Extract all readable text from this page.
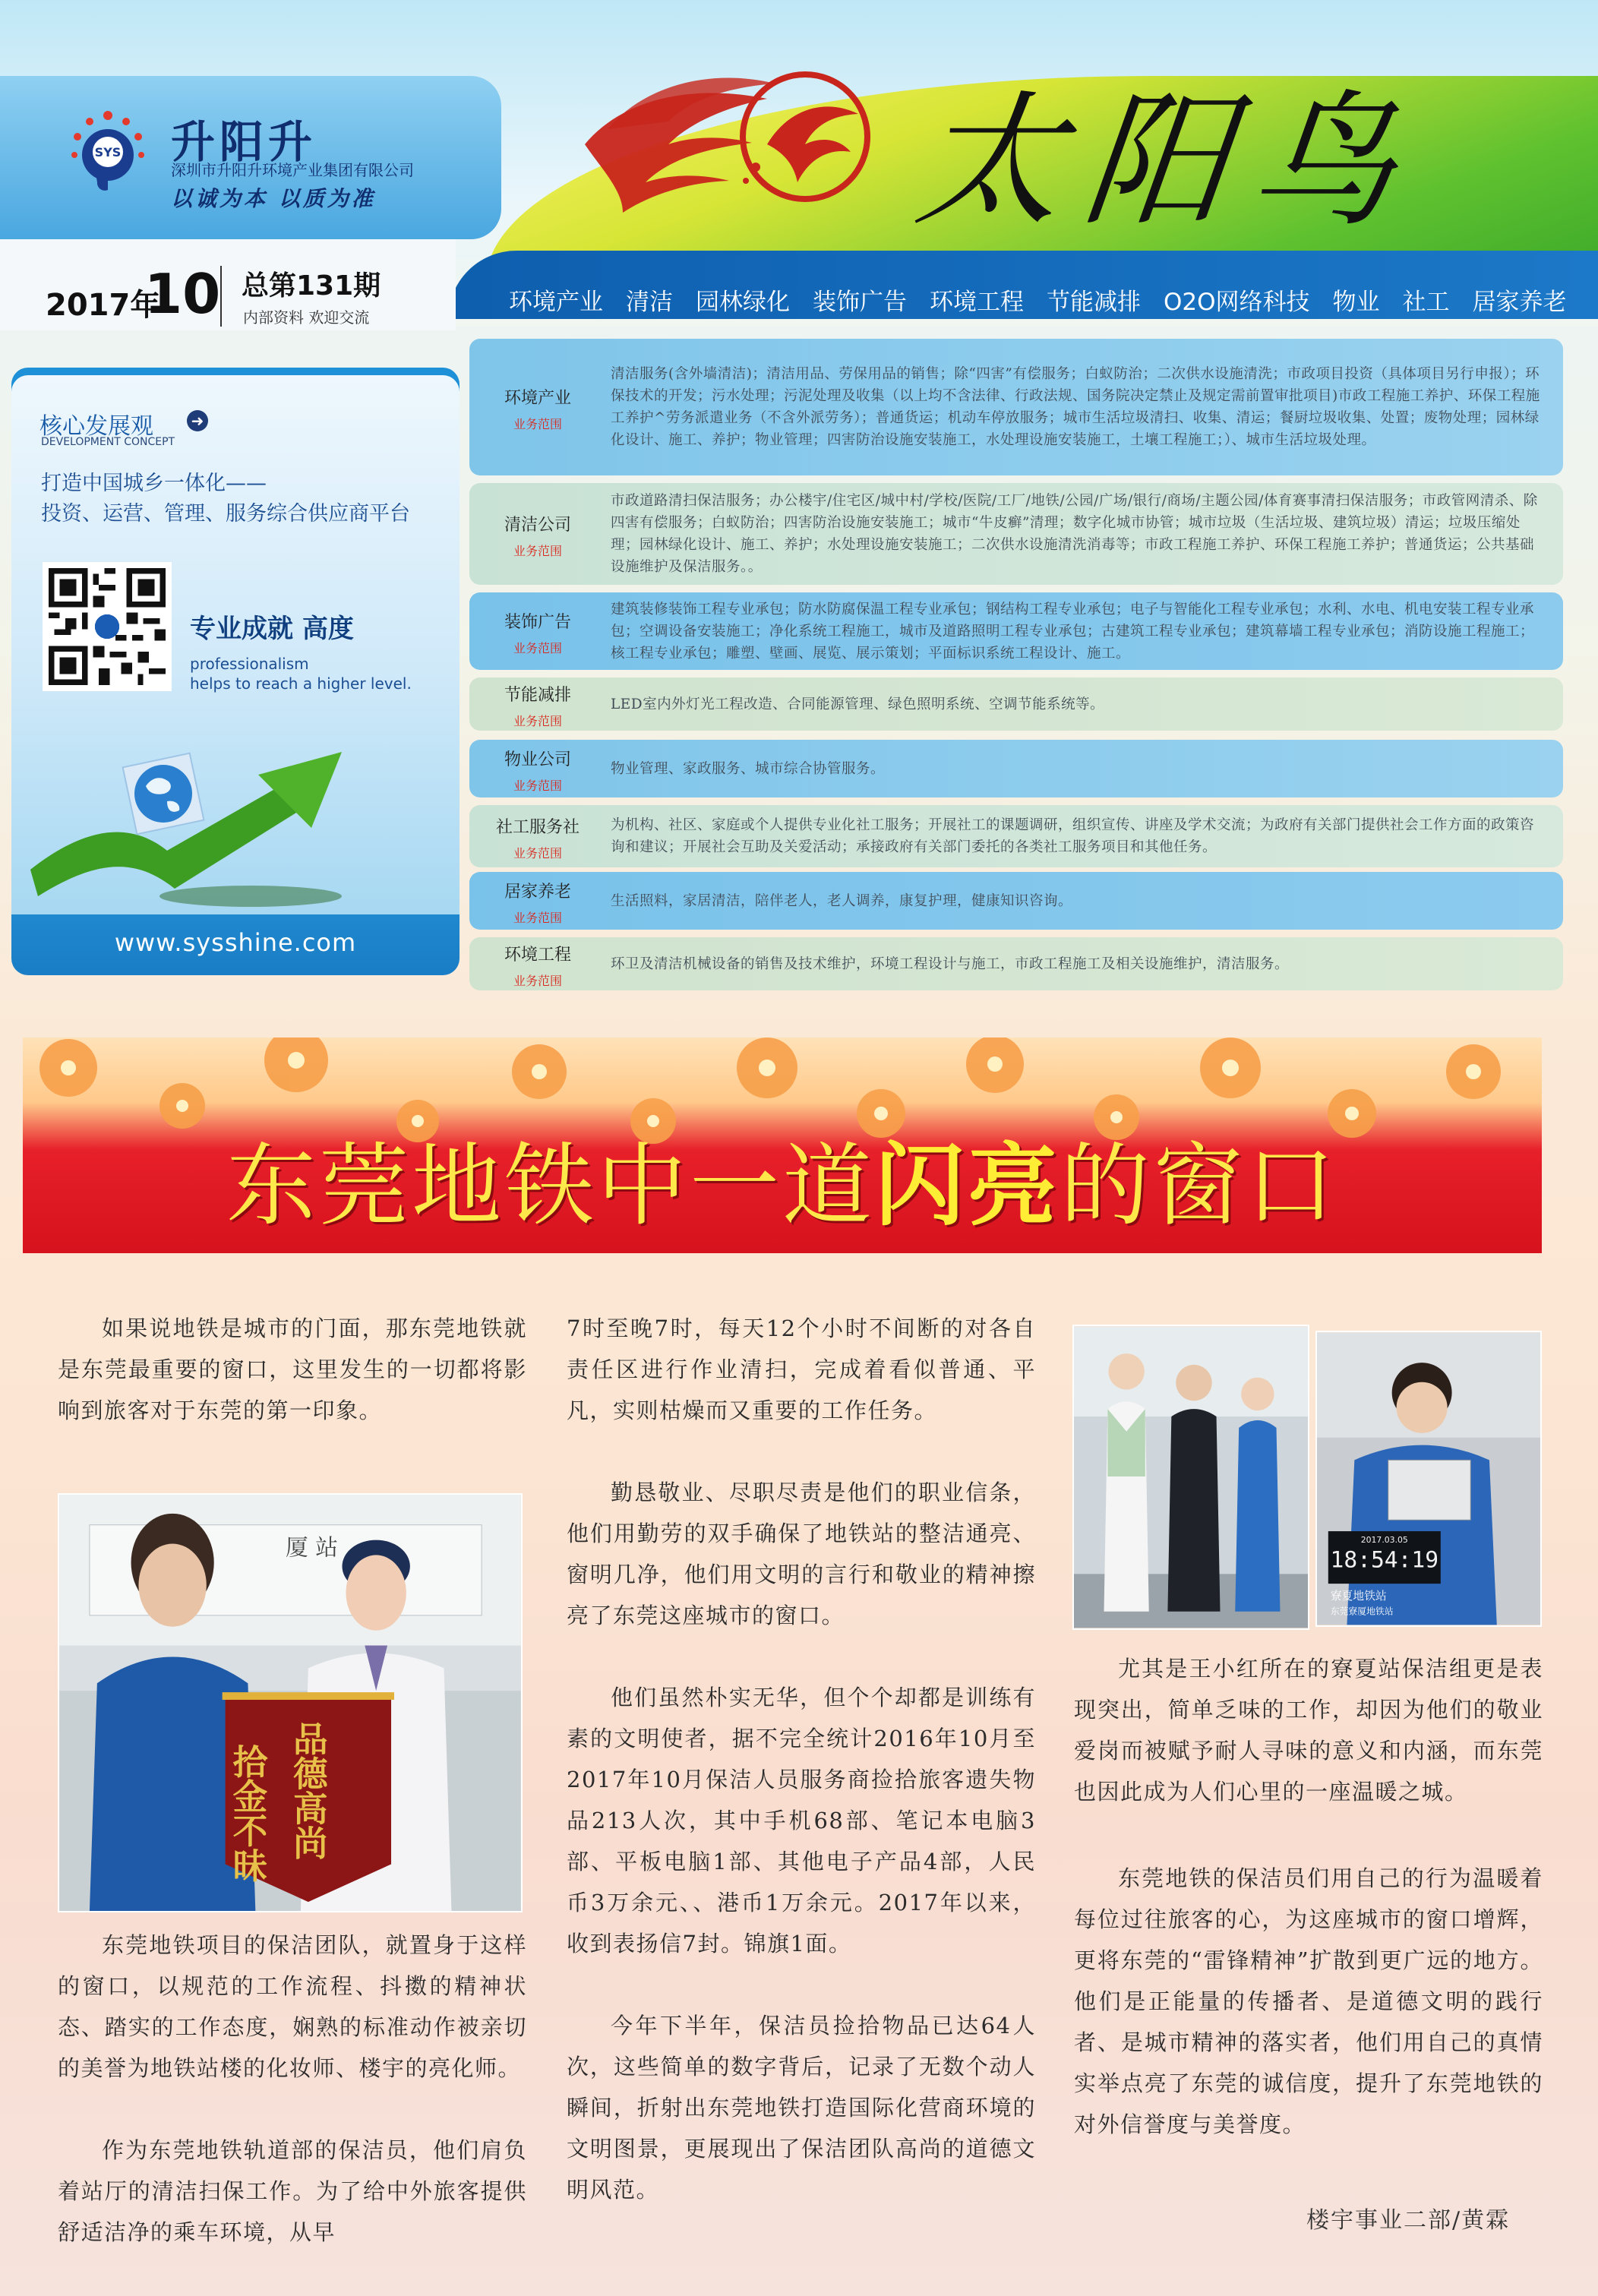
SYS 升阳升
深圳市升阳升环境产业集团有限公司
以诚为本 以质为准
2017年
10 总第131期
内部资料 欢迎交流
太阳鸟
环境产业 清洁 园林绿化 装饰广告 环境工程 节能减排 O2O网络科技 物业 社工 居家养老
核心发展观 ➜
DEVELOPMENT CONCEPT
打造中国城乡一体化——
投资、运营、管理、服务综合供应商平台
专业成就 高度
professionalism
helps to reach a higher level.
www.sysshine.com
环境产业
业务范围
清洁服务(含外墙清洁)；清洁用品、劳保用品的销售；除“四害”有偿服务；白蚁防治；二次供水设施清洗；市政项目投资（具体项目另行申报）；环保技术的开发；污水处理；污泥处理及收集（以上均不含法律、行政法规、国务院决定禁止及规定需前置审批项目)市政工程施工养护、环保工程施工养护^劳务派遣业务（不含外派劳务）；普通货运；机动车停放服务；城市生活垃圾清扫、收集、清运；餐厨垃圾收集、处置；废物处理；园林绿化设计、施工、养护；物业管理；四害防治设施安装施工，水处理设施安装施工，土壤工程施工；）、城市生活垃圾处理。
清洁公司
业务范围
市政道路清扫保洁服务；办公楼宇/住宅区/城中村/学校/医院/工厂/地铁/公园/广场/银行/商场/主题公园/体育赛事清扫保洁服务；市政管网清杀、除四害有偿服务；白蚁防治；四害防治设施安装施工；城市“牛皮癣”清理；数字化城市协管；城市垃圾（生活垃圾、建筑垃圾）清运；垃圾压缩处理；园林绿化设计、施工、养护；水处理设施安装施工；二次供水设施清洗消毒等；市政工程施工养护、环保工程施工养护；普通货运；公共基础设施维护及保洁服务。。
装饰广告
业务范围
建筑装修装饰工程专业承包；防水防腐保温工程专业承包；钢结构工程专业承包；电子与智能化工程专业承包；水利、水电、机电安装工程专业承包；空调设备安装施工；净化系统工程施工，城市及道路照明工程专业承包；古建筑工程专业承包；建筑幕墙工程专业承包；消防设施工程施工；核工程专业承包；雕塑、壁画、展览、展示策划；平面标识系统工程设计、施工。
节能减排
业务范围
LED室内外灯光工程改造、合同能源管理、绿色照明系统、空调节能系统等。
物业公司
业务范围
物业管理、家政服务、城市综合协管服务。
社工服务社
业务范围
为机构、社区、家庭或个人提供专业化社工服务；开展社工的课题调研，组织宣传、讲座及学术交流；为政府有关部门提供社会工作方面的政策咨询和建议；开展社会互助及关爱活动；承接政府有关部门委托的各类社工服务项目和其他任务。
居家养老
业务范围
生活照料，家居清洁，陪伴老人，老人调养，康复护理，健康知识咨询。
环境工程
业务范围
环卫及清洁机械设备的销售及技术维护，环境工程设计与施工，市政工程施工及相关设施维护，清洁服务。
东莞地铁中一道闪亮的窗口
如果说地铁是城市的门面，那东莞地铁就是东莞最重要的窗口，这里发生的一切都将影响到旅客对于东莞的第一印象。
厦 站
拾金不昧 品德高尚
东莞地铁项目的保洁团队，就置身于这样的窗口，以规范的工作流程、抖擞的精神状态、踏实的工作态度，娴熟的标准动作被亲切的美誉为地铁站楼的化妆师、楼宇的亮化师。
作为东莞地铁轨道部的保洁员，他们肩负着站厅的清洁扫保工作。为了给中外旅客提供舒适洁净的乘车环境，从早
7时至晚7时，每天12个小时不间断的对各自责任区进行作业清扫，完成着看似普通、平凡，实则枯燥而又重要的工作任务。
勤恳敬业、尽职尽责是他们的职业信条，他们用勤劳的双手确保了地铁站的整洁通亮、窗明几净，他们用文明的言行和敬业的精神擦亮了东莞这座城市的窗口。
他们虽然朴实无华，但个个却都是训练有素的文明使者，据不完全统计2016年10月至2017年10月保洁人员服务商捡拾旅客遗失物品213人次，其中手机68部、笔记本电脑3部、平板电脑1部、其他电子产品4部，人民币3万余元、、港币1万余元。2017年以来，收到表扬信7封。锦旗1面。
今年下半年，保洁员捡拾物品已达64人次，这些简单的数字背后，记录了无数个动人瞬间，折射出东莞地铁打造国际化营商环境的文明图景，更展现出了保洁团队高尚的道德文明风范。
18:54:19
2017.03.05
寮夏地铁站
东莞寮厦地铁站
尤其是王小红所在的寮夏站保洁组更是表现突出，简单乏味的工作，却因为他们的敬业爱岗而被赋予耐人寻味的意义和内涵，而东莞也因此成为人们心里的一座温暖之城。
东莞地铁的保洁员们用自己的行为温暖着每位过往旅客的心，为这座城市的窗口增辉，更将东莞的“雷锋精神”扩散到更广远的地方。他们是正能量的传播者、是道德文明的践行者、是城市精神的落实者，他们用自己的真情实举点亮了东莞的诚信度，提升了东莞地铁的对外信誉度与美誉度。
楼宇事业二部/黄霖
